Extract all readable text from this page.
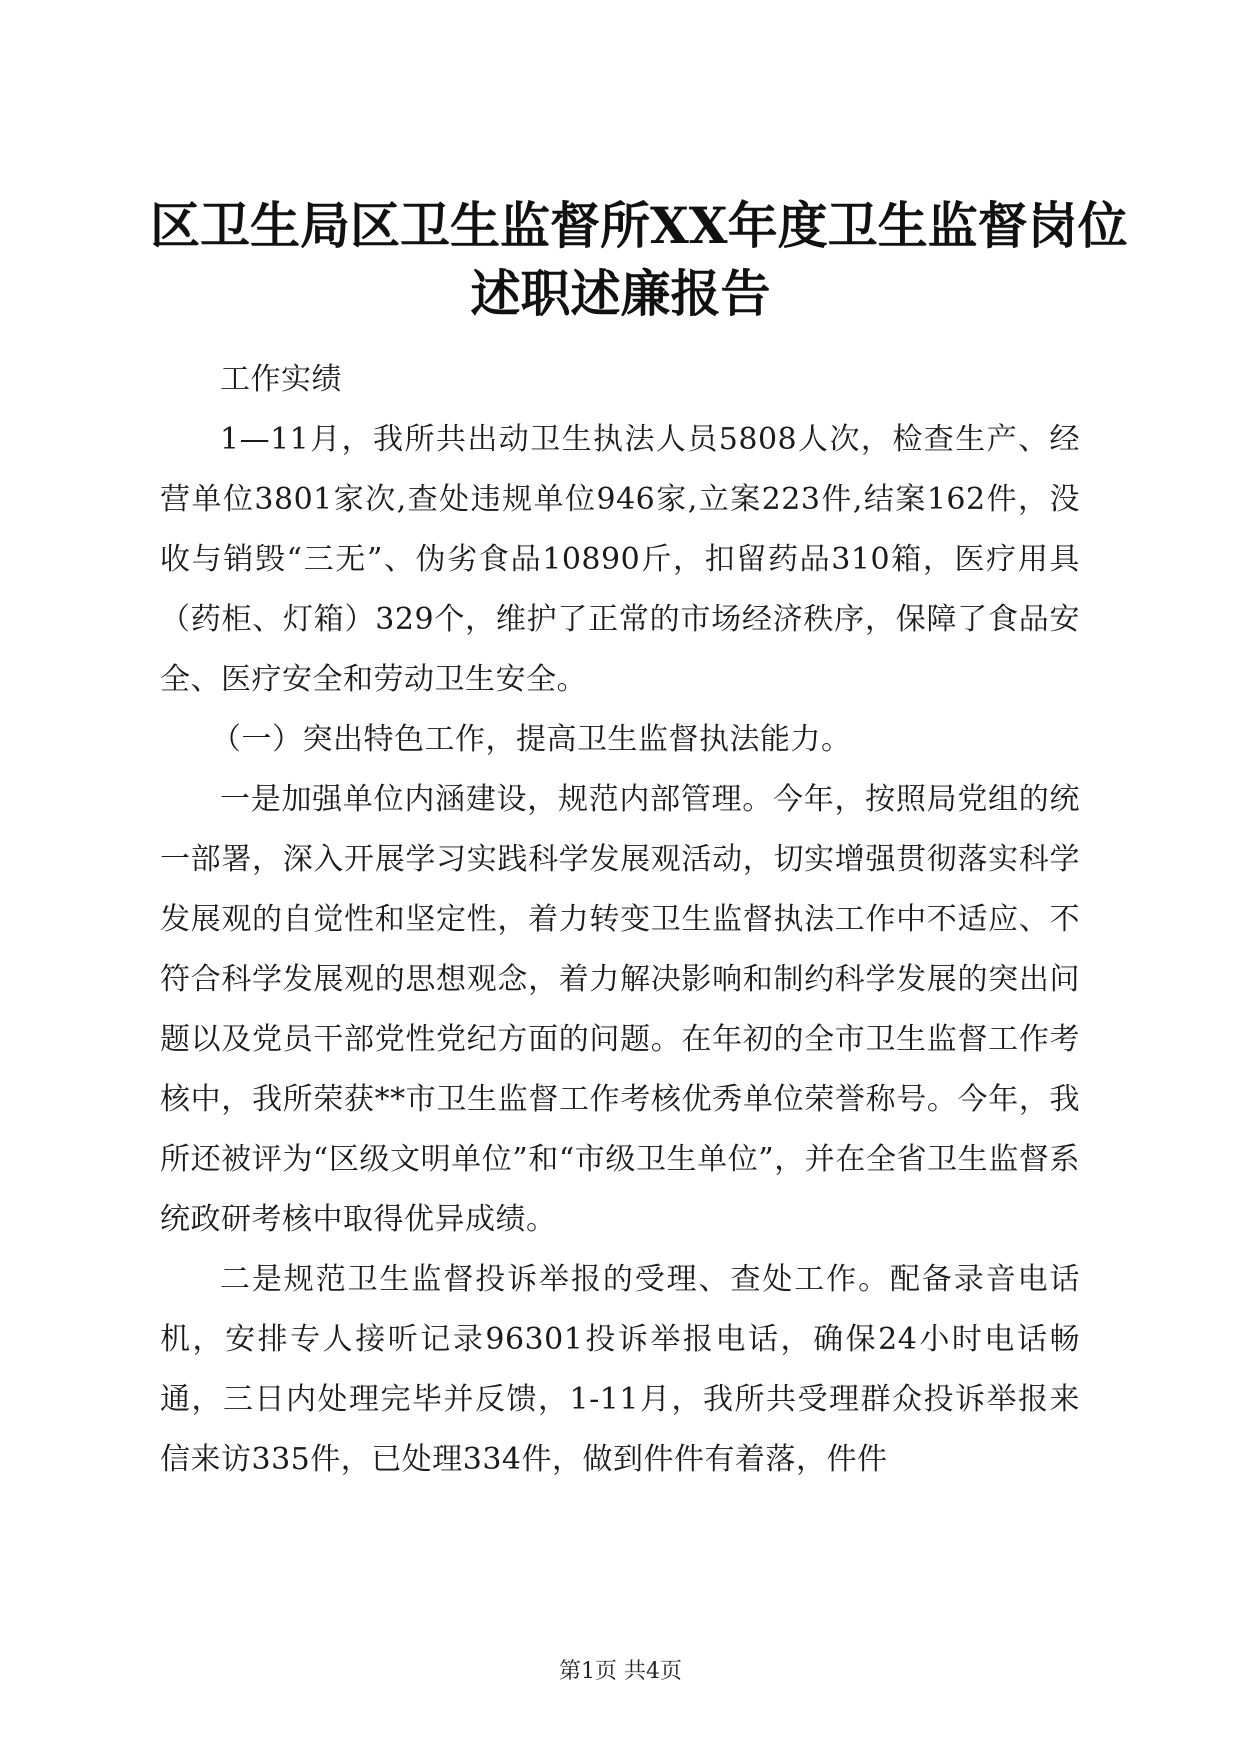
区卫生局区卫生监督所XX年度卫生监督岗位
述职述廉报告

工作实绩

1—11月，我所共出动卫生执法人员5808人次，检查生产、经营单位3801家次,查处违规单位946家,立案223件,结案162件，没收与销毁“三无”、伪劣食品10890斤，扣留药品310箱，医疗用具（药柜、灯箱）329个，维护了正常的市场经济秩序，保障了食品安全、医疗安全和劳动卫生安全。

（一）突出特色工作，提高卫生监督执法能力。

一是加强单位内涵建设，规范内部管理。今年，按照局党组的统一部署，深入开展学习实践科学发展观活动，切实增强贯彻落实科学发展观的自觉性和坚定性，着力转变卫生监督执法工作中不适应、不符合科学发展观的思想观念，着力解决影响和制约科学发展的突出问题以及党员干部党性党纪方面的问题。在年初的全市卫生监督工作考核中，我所荣获**市卫生监督工作考核优秀单位荣誉称号。今年，我所还被评为“区级文明单位”和“市级卫生单位”，并在全省卫生监督系统政研考核中取得优异成绩。

二是规范卫生监督投诉举报的受理、查处工作。配备录音电话机，安排专人接听记录96301投诉举报电话，确保24小时电话畅通，三日内处理完毕并反馈，1-11月，我所共受理群众投诉举报来信来访335件，已处理334件，做到件件有着落，件件

第1页 共4页
